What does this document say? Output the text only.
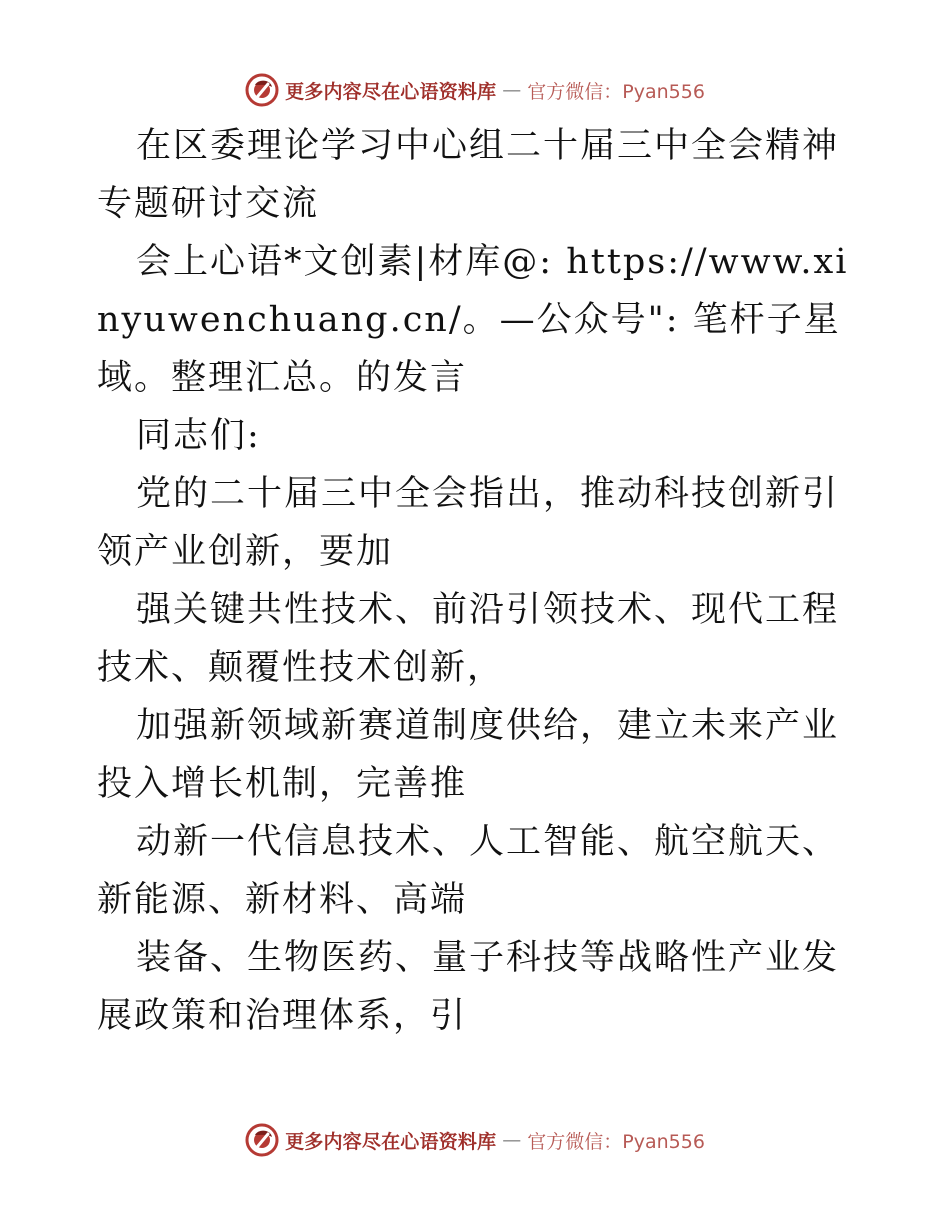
更多内容尽在心语资料库 — 官方微信：Pyan556

在区委理论学习中心组二十届三中全会精神专题研讨交流

会上心语*文创素|材库@: https://www.xinyuwenchuang.cn/。—公众号": 笔杆子星域。整理汇总。的发言

同志们:

党的二十届三中全会指出，推动科技创新引领产业创新，要加

强关键共性技术、前沿引领技术、现代工程技术、颠覆性技术创新，

加强新领域新赛道制度供给，建立未来产业投入增长机制，完善推

动新一代信息技术、人工智能、航空航天、新能源、新材料、高端

装备、生物医药、量子科技等战略性产业发展政策和治理体系，引

更多内容尽在心语资料库 — 官方微信：Pyan556
